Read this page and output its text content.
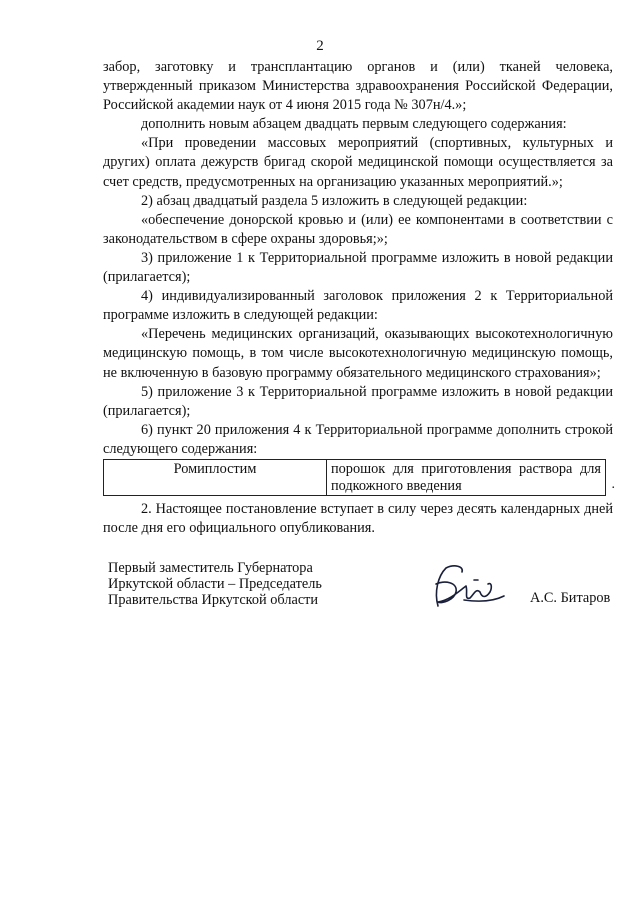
2

забор, заготовку и трансплантацию органов и (или) тканей человека, утвержденный приказом Министерства здравоохранения Российской Федерации, Российской академии наук от 4 июня 2015 года № 307н/4.»;

дополнить новым абзацем двадцать первым следующего содержания:

«При проведении массовых мероприятий (спортивных, культурных и других) оплата дежурств бригад скорой медицинской помощи осуществляется за счет средств, предусмотренных на организацию указанных мероприятий.»;

2) абзац двадцатый раздела 5 изложить в следующей редакции:

«обеспечение донорской кровью и (или) ее компонентами в соответствии с законодательством в сфере охраны здоровья;»;

3) приложение 1 к Территориальной программе изложить в новой редакции (прилагается);

4) индивидуализированный заголовок приложения 2 к Территориальной программе изложить в следующей редакции:

«Перечень медицинских организаций, оказывающих высокотехнологичную медицинскую помощь, в том числе высокотехнологичную медицинскую помощь, не включенную в базовую программу обязательного медицинского страхования»;

5) приложение 3 к Территориальной программе изложить в новой редакции (прилагается);

6) пункт 20 приложения 4 к Территориальной программе дополнить строкой следующего содержания:

Ромиплостим	порошок для приготовления раствора для подкожного введения	.

2. Настоящее постановление вступает в силу через десять календарных дней после дня его официального опубликования.

Первый заместитель Губернатора
Иркутской области – Председатель
Правительства Иркутской области	А.С. Битаров
